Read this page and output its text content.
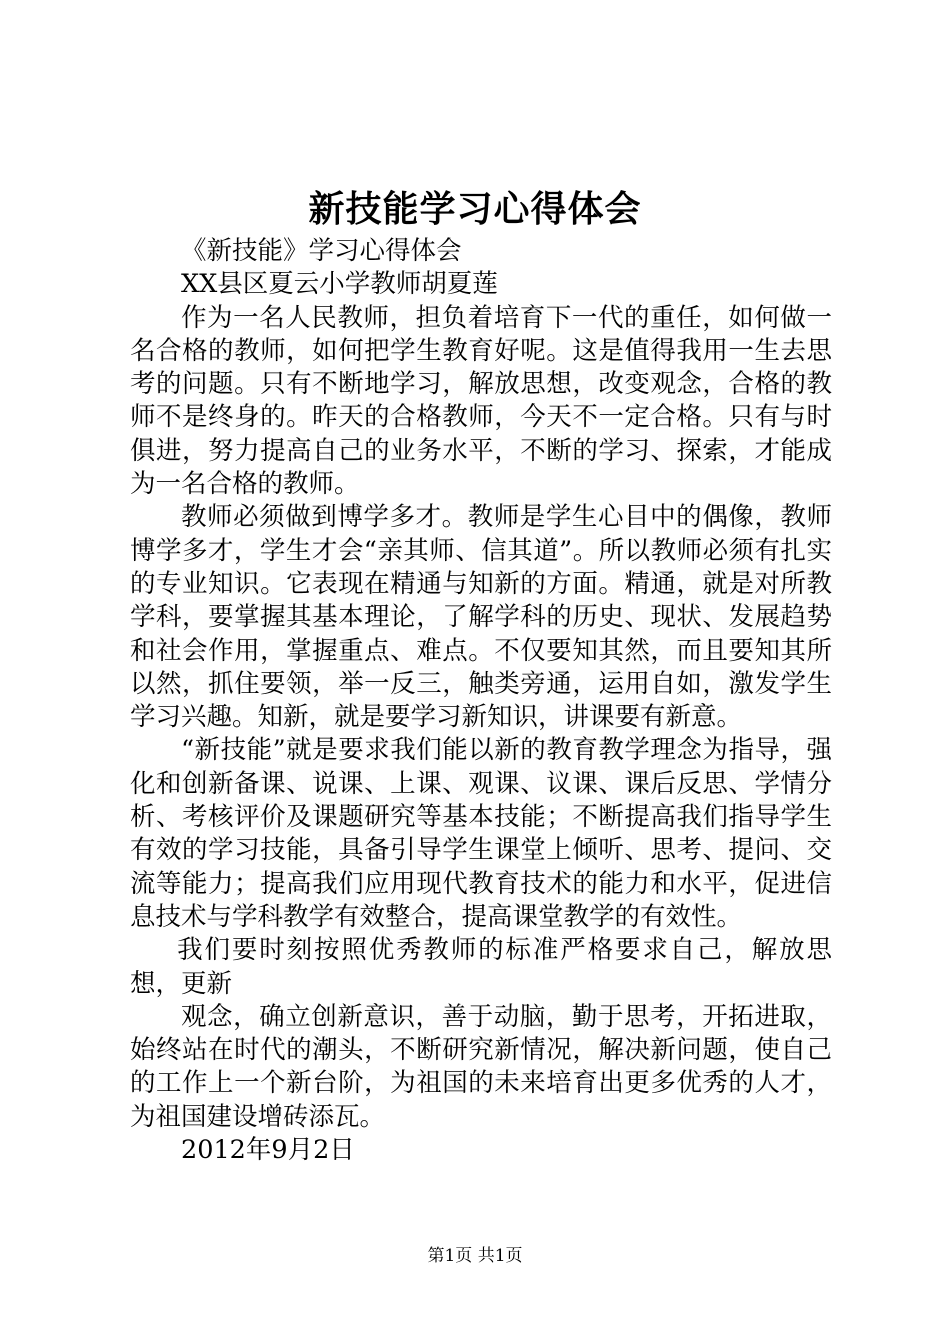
新技能学习心得体会

《新技能》学习心得体会

XX县区夏云小学教师胡夏莲

作为一名人民教师，担负着培育下一代的重任，如何做一名合格的教师，如何把学生教育好呢。这是值得我用一生去思考的问题。只有不断地学习，解放思想，改变观念，合格的教师不是终身的。昨天的合格教师，今天不一定合格。只有与时俱进，努力提高自己的业务水平，不断的学习、探索，才能成为一名合格的教师。

教师必须做到博学多才。教师是学生心目中的偶像，教师博学多才，学生才会“亲其师、信其道”。所以教师必须有扎实的专业知识。它表现在精通与知新的方面。精通，就是对所教学科，要掌握其基本理论，了解学科的历史、现状、发展趋势和社会作用，掌握重点、难点。不仅要知其然，而且要知其所以然，抓住要领，举一反三，触类旁通，运用自如，激发学生学习兴趣。知新，就是要学习新知识，讲课要有新意。

“新技能”就是要求我们能以新的教育教学理念为指导，强化和创新备课、说课、上课、观课、议课、课后反思、学情分析、考核评价及课题研究等基本技能；不断提高我们指导学生有效的学习技能，具备引导学生课堂上倾听、思考、提问、交流等能力；提高我们应用现代教育技术的能力和水平，促进信息技术与学科教学有效整合，提高课堂教学的有效性。

我们要时刻按照优秀教师的标准严格要求自己，解放思想，更新

观念，确立创新意识，善于动脑，勤于思考，开拓进取，始终站在时代的潮头，不断研究新情况，解决新问题，使自己的工作上一个新台阶，为祖国的未来培育出更多优秀的人才，为祖国建设增砖添瓦。

2012年9月2日

第1页 共1页
